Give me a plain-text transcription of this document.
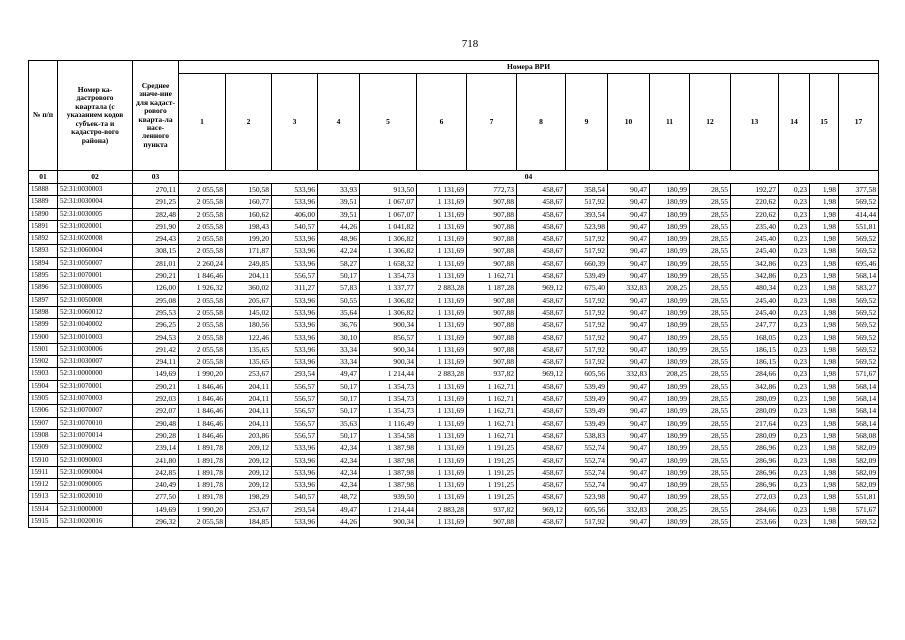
718
№ п/п	Номер ка-дастрового квартала (с указанием кодов субъек-та и кадастро-вого района)	Среднее значе-ние для кадаст-рового кварта-ла насе-ленного пункта	Номера ВРИ															
			1	2	3	4	5	6	7	8	9	10	11	12	13	14	15	17
01	02	03	04															
15888	52:31:0030003	270,11	2 055,58	150,58	533,96	33,93	913,50	1 131,69	772,73	458,67	358,54	90,47	180,99	28,55	192,27	0,23	1,98	377,58
15889	52:31:0030004	291,25	2 055,58	160,77	533,96	39,51	1 067,07	1 131,69	907,88	458,67	517,92	90,47	180,99	28,55	220,62	0,23	1,98	569,52
15890	52:31:0030005	282,48	2 055,58	160,62	406,00	39,51	1 067,07	1 131,69	907,88	458,67	393,54	90,47	180,99	28,55	220,62	0,23	1,98	414,44
15891	52:31:0020001	291,90	2 055,58	198,43	540,57	44,26	1 041,82	1 131,69	907,88	458,67	523,98	90,47	180,99	28,55	235,40	0,23	1,98	551,81
15892	52:31:0020008	294,43	2 055,58	199,20	533,96	48,96	1 306,82	1 131,69	907,88	458,67	517,92	90,47	180,99	28,55	245,40	0,23	1,98	569,52
15893	52:31:0060004	308,15	2 055,58	171,87	533,96	42,24	1 306,82	1 131,69	907,88	458,67	517,92	90,47	180,99	28,55	245,40	0,23	1,98	569,52
15894	52:31:0050007	281,01	2 260,24	249,85	533,96	58,27	1 658,32	1 131,69	907,88	458,67	660,39	90,47	180,99	28,55	342,86	0,23	1,98	695,46
15895	52:31:0070001	290,21	1 846,46	204,11	556,57	50,17	1 354,73	1 131,69	1 162,71	458,67	539,49	90,47	180,99	28,55	342,86	0,23	1,98	568,14
15896	52:31:0080005	126,00	1 926,32	360,02	311,27	57,83	1 337,77	2 883,28	1 187,28	969,12	675,40	332,83	208,25	28,55	480,34	0,23	1,98	583,27
15897	52:31:0050008	295,08	2 055,58	205,67	533,96	50,55	1 306,82	1 131,69	907,88	458,67	517,92	90,47	180,99	28,55	245,40	0,23	1,98	569,52
15898	52:31:0060012	295,53	2 055,58	145,02	533,96	35,64	1 306,82	1 131,69	907,88	458,67	517,92	90,47	180,99	28,55	245,40	0,23	1,98	569,52
15899	52:31:0040002	296,25	2 055,58	180,56	533,96	36,76	900,34	1 131,69	907,88	458,67	517,92	90,47	180,99	28,55	247,77	0,23	1,98	569,52
15900	52:31:0010003	294,53	2 055,58	122,46	533,96	30,10	856,57	1 131,69	907,88	458,67	517,92	90,47	180,99	28,55	168,05	0,23	1,98	569,52
15901	52:31:0030006	291,42	2 055,58	135,65	533,96	33,34	900,34	1 131,69	907,88	458,67	517,92	90,47	180,99	28,55	186,15	0,23	1,98	569,52
15902	52:31:0030007	294,11	2 055,58	135,65	533,96	33,34	900,34	1 131,69	907,88	458,67	517,92	90,47	180,99	28,55	186,15	0,23	1,98	569,52
15903	52:31:0000000	149,69	1 990,20	253,67	293,54	49,47	1 214,44	2 883,28	937,82	969,12	605,56	332,83	208,25	28,55	284,66	0,23	1,98	571,67
15904	52:31:0070001	290,21	1 846,46	204,11	556,57	50,17	1 354,73	1 131,69	1 162,71	458,67	539,49	90,47	180,99	28,55	342,86	0,23	1,98	568,14
15905	52:31:0070003	292,03	1 846,46	204,11	556,57	50,17	1 354,73	1 131,69	1 162,71	458,67	539,49	90,47	180,99	28,55	280,09	0,23	1,98	568,14
15906	52:31:0070007	292,07	1 846,46	204,11	556,57	50,17	1 354,73	1 131,69	1 162,71	458,67	539,49	90,47	180,99	28,55	280,09	0,23	1,98	568,14
15907	52:31:0070010	290,48	1 846,46	204,11	556,57	35,63	1 116,49	1 131,69	1 162,71	458,67	539,49	90,47	180,99	28,55	217,64	0,23	1,98	568,14
15908	52:31:0070014	290,28	1 846,46	203,86	556,57	50,17	1 354,58	1 131,69	1 162,71	458,67	538,83	90,47	180,99	28,55	280,09	0,23	1,98	568,08
15909	52:31:0090002	239,14	1 891,78	209,12	533,96	42,34	1 387,98	1 131,69	1 191,25	458,67	552,74	90,47	180,99	28,55	286,96	0,23	1,98	582,09
15910	52:31:0090003	241,80	1 891,78	209,12	533,96	42,34	1 387,98	1 131,69	1 191,25	458,67	552,74	90,47	180,99	28,55	286,96	0,23	1,98	582,09
15911	52:31:0090004	242,85	1 891,78	209,12	533,96	42,34	1 387,98	1 131,69	1 191,25	458,67	552,74	90,47	180,99	28,55	286,96	0,23	1,98	582,09
15912	52:31:0090005	240,49	1 891,78	209,12	533,96	42,34	1 387,98	1 131,69	1 191,25	458,67	552,74	90,47	180,99	28,55	286,96	0,23	1,98	582,09
15913	52:31:0020010	277,50	1 891,78	198,29	540,57	48,72	939,50	1 131,69	1 191,25	458,67	523,98	90,47	180,99	28,55	272,03	0,23	1,98	551,81
15914	52:31:0000000	149,69	1 990,20	253,67	293,54	49,47	1 214,44	2 883,28	937,82	969,12	605,56	332,83	208,25	28,55	284,66	0,23	1,98	571,67
15915	52:31:0020016	296,32	2 055,58	184,85	533,96	44,26	900,34	1 131,69	907,88	458,67	517,92	90,47	180,99	28,55	253,66	0,23	1,98	569,52
